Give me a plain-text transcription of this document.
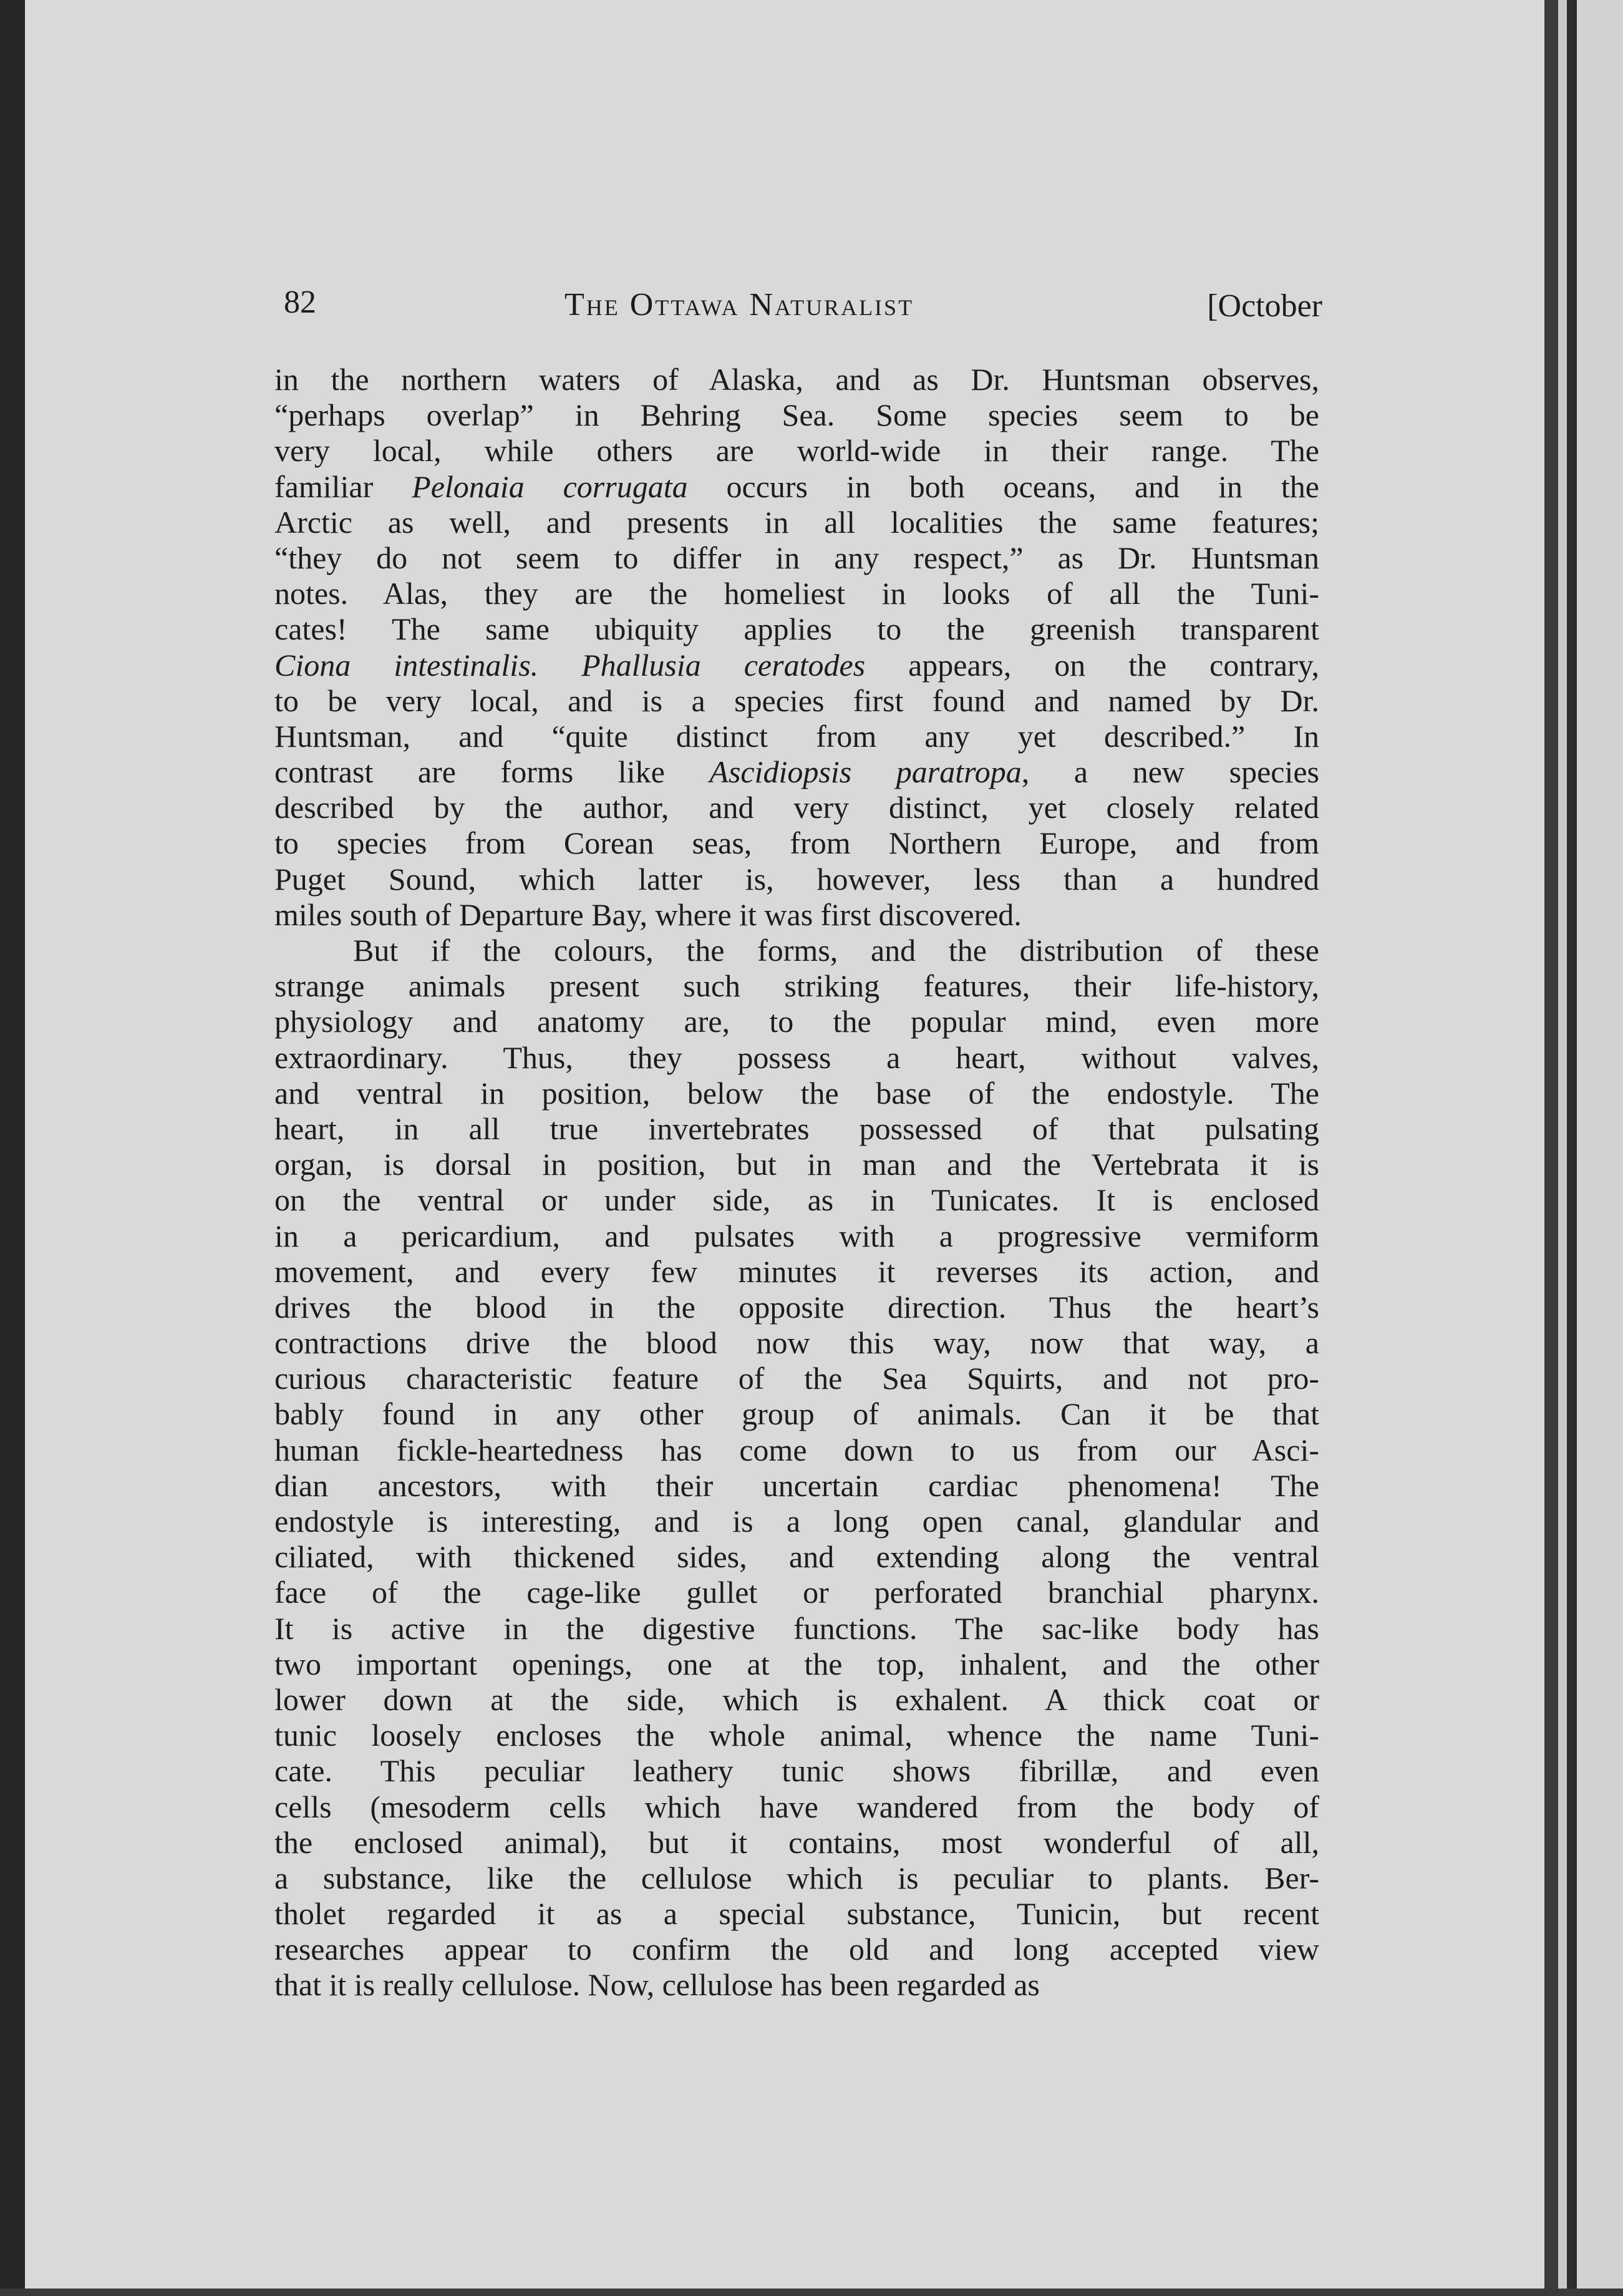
82	The Ottawa Naturalist	[October
in the northern waters of Alaska, and as Dr. Huntsman observes,
“perhaps overlap” in Behring Sea. Some species seem to be
very local, while others are world-wide in their range. The
familiar Pelonaia corrugata occurs in both oceans, and in the
Arctic as well, and presents in all localities the same features;
“they do not seem to differ in any respect,” as Dr. Huntsman
notes. Alas, they are the homeliest in looks of all the Tuni-
cates! The same ubiquity applies to the greenish transparent
Ciona intestinalis. Phallusia ceratodes appears, on the contrary,
to be very local, and is a species first found and named by Dr.
Huntsman, and “quite distinct from any yet described.” In
contrast are forms like Ascidiopsis paratropa, a new species
described by the author, and very distinct, yet closely related
to species from Corean seas, from Northern Europe, and from
Puget Sound, which latter is, however, less than a hundred
miles south of Departure Bay, where it was first discovered.
But if the colours, the forms, and the distribution of these
strange animals present such striking features, their life-history,
physiology and anatomy are, to the popular mind, even more
extraordinary. Thus, they possess a heart, without valves,
and ventral in position, below the base of the endostyle. The
heart, in all true invertebrates possessed of that pulsating
organ, is dorsal in position, but in man and the Vertebrata it is
on the ventral or under side, as in Tunicates. It is enclosed
in a pericardium, and pulsates with a progressive vermiform
movement, and every few minutes it reverses its action, and
drives the blood in the opposite direction. Thus the heart’s
contractions drive the blood now this way, now that way, a
curious characteristic feature of the Sea Squirts, and not pro-
bably found in any other group of animals. Can it be that
human fickle-heartedness has come down to us from our Asci-
dian ancestors, with their uncertain cardiac phenomena! The
endostyle is interesting, and is a long open canal, glandular and
ciliated, with thickened sides, and extending along the ventral
face of the cage-like gullet or perforated branchial pharynx.
It is active in the digestive functions. The sac-like body has
two important openings, one at the top, inhalent, and the other
lower down at the side, which is exhalent. A thick coat or
tunic loosely encloses the whole animal, whence the name Tuni-
cate. This peculiar leathery tunic shows fibrillæ, and even
cells (mesoderm cells which have wandered from the body of
the enclosed animal), but it contains, most wonderful of all,
a substance, like the cellulose which is peculiar to plants. Ber-
tholet regarded it as a special substance, Tunicin, but recent
researches appear to confirm the old and long accepted view
that it is really cellulose. Now, cellulose has been regarded as
